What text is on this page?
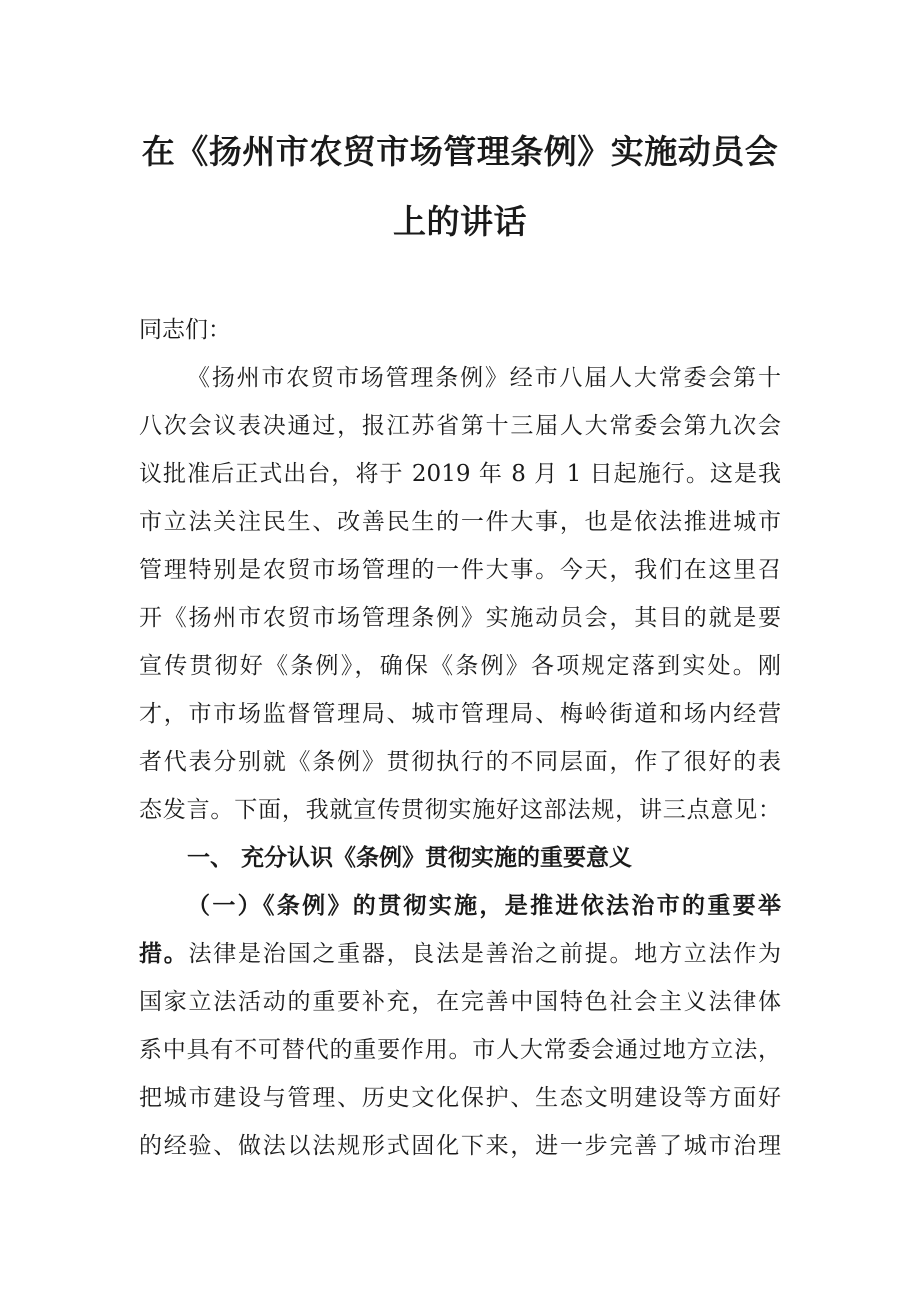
在《扬州市农贸市场管理条例》实施动员会
上的讲话

同志们：

《扬州市农贸市场管理条例》经市八届人大常委会第十

八次会议表决通过，报江苏省第十三届人大常委会第九次会

议批准后正式出台，将于 2019 年 8 月 1 日起施行。这是我

市立法关注民生、改善民生的一件大事，也是依法推进城市

管理特别是农贸市场管理的一件大事。今天，我们在这里召

开《扬州市农贸市场管理条例》实施动员会，其目的就是要

宣传贯彻好《条例》，确保《条例》各项规定落到实处。刚

才，市市场监督管理局、城市管理局、梅岭街道和场内经营

者代表分别就《条例》贯彻执行的不同层面，作了很好的表

态发言。下面，我就宣传贯彻实施好这部法规，讲三点意见：

一、 充分认识《条例》贯彻实施的重要意义

（一）《条例》的贯彻实施，是推进依法治市的重要举

措。法律是治国之重器，良法是善治之前提。地方立法作为

国家立法活动的重要补充，在完善中国特色社会主义法律体

系中具有不可替代的重要作用。市人大常委会通过地方立法，

把城市建设与管理、历史文化保护、生态文明建设等方面好

的经验、做法以法规形式固化下来，进一步完善了城市治理
